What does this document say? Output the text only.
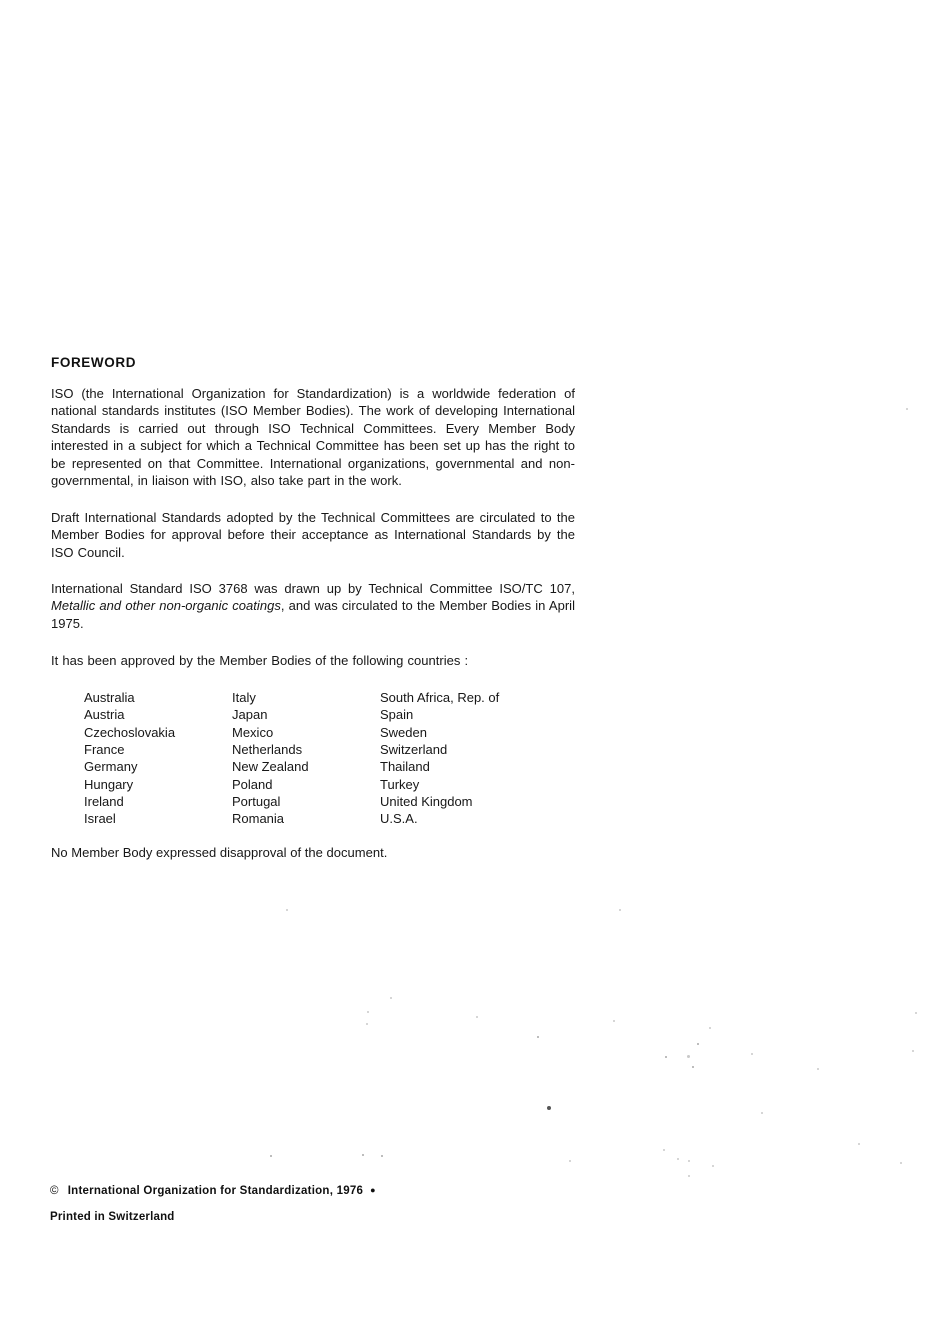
FOREWORD

ISO (the International Organization for Standardization) is a worldwide federation of national standards institutes (ISO Member Bodies). The work of developing International Standards is carried out through ISO Technical Committees. Every Member Body interested in a subject for which a Technical Committee has been set up has the right to be represented on that Committee. International organizations, governmental and non-governmental, in liaison with ISO, also take part in the work.

Draft International Standards adopted by the Technical Committees are circulated to the Member Bodies for approval before their acceptance as International Standards by the ISO Council.

International Standard ISO 3768 was drawn up by Technical Committee ISO/TC 107, Metallic and other non-organic coatings, and was circulated to the Member Bodies in April 1975.

It has been approved by the Member Bodies of the following countries :

Australia
Austria
Czechoslovakia
France
Germany
Hungary
Ireland
Israel
Italy
Japan
Mexico
Netherlands
New Zealand
Poland
Portugal
Romania
South Africa, Rep. of
Spain
Sweden
Switzerland
Thailand
Turkey
United Kingdom
U.S.A.

No Member Body expressed disapproval of the document.

© International Organization for Standardization, 1976 ●

Printed in Switzerland
